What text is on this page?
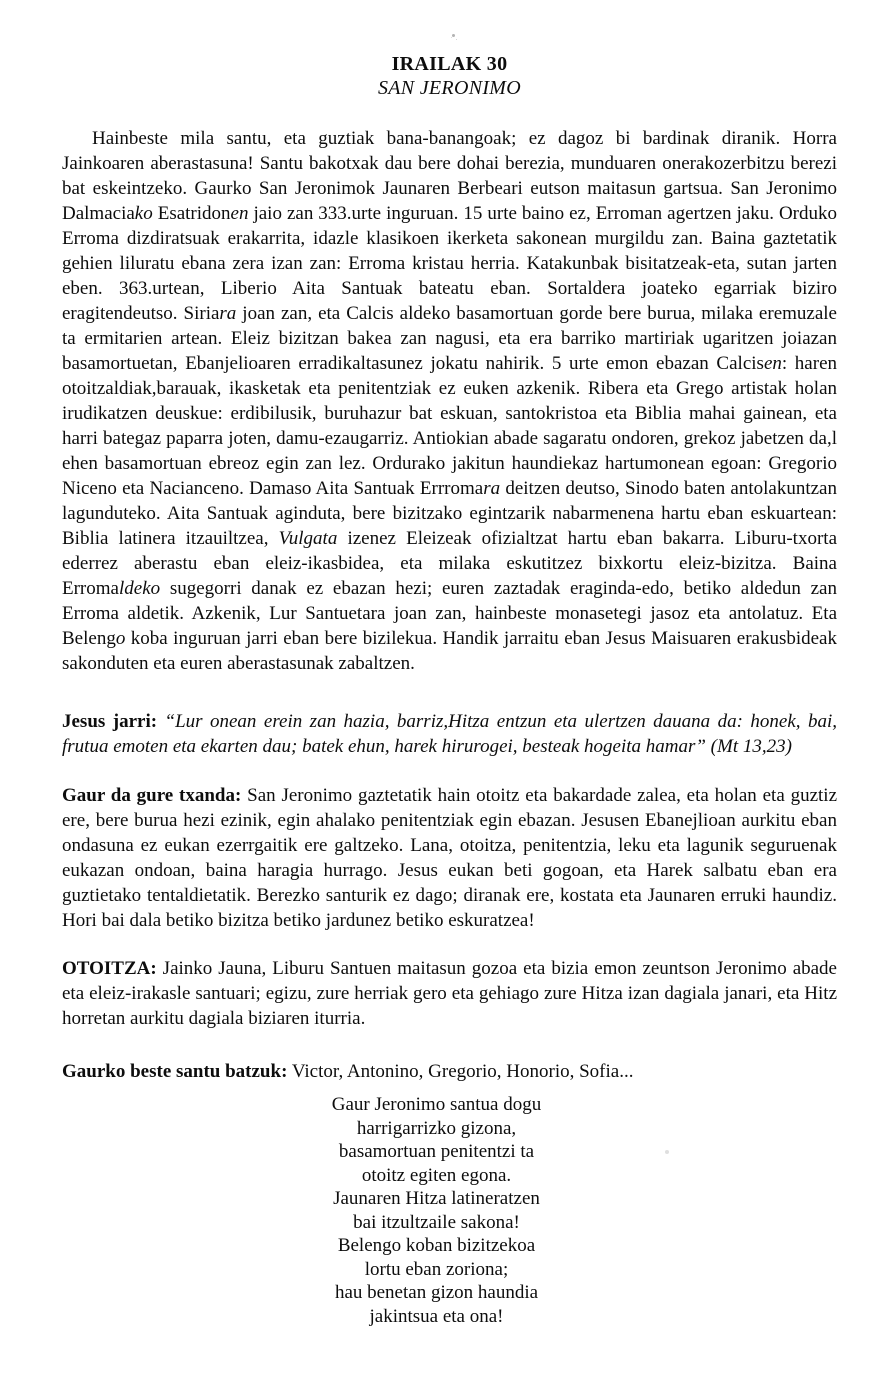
IRAILAK 30
SAN JERONIMO

Hainbeste mila santu, eta guztiak bana-banangoak; ez dagoz bi bardinak diranik. Horra Jainkoaren aberastasuna! Santu bakotxak dau bere dohai berezia, munduaren onerakozerbitzu berezi bat eskeintzeko. Gaurko San Jeronimok Jaunaren Berbeari eutson maitasun gartsua. San Jeronimo Dalmaciako Esatridonen jaio zan 333.urte inguruan. 15 urte baino ez, Erroman agertzen jaku. Orduko Erroma dizdiratsuak erakarrita, idazle klasikoen ikerketa sakonean murgildu zan. Baina gaztetatik gehien liluratu ebana zera izan zan: Erroma kristau herria. Katakunbak bisitatzeak-eta, sutan jarten eben. 363.urtean, Liberio Aita Santuak bateatu eban. Sortaldera joateko egarriak biziro eragitendeutso. Siriara joan zan, eta Calcis aldeko basamortuan gorde bere burua, milaka eremuzale ta ermitarien artean. Eleiz bizitzan bakea zan nagusi, eta era barriko martiriak ugaritzen joiazan basamortuetan, Ebanjelioaren erradikaltasunez jokatu nahirik. 5 urte emon ebazan Calcisen: haren otoitzaldiak,barauak, ikasketak eta penitentziak ez euken azkenik. Ribera eta Grego artistak holan irudikatzen deuskue: erdibilusik, buruhazur bat eskuan, santokristoa eta Biblia mahai gainean, eta harri bategaz paparra joten, damu-ezaugarriz. Antiokian abade sagaratu ondoren, grekoz jabetzen da,l ehen basamortuan ebreoz egin zan lez. Ordurako jakitun haundiekaz hartumonean egoan: Gregorio Niceno eta Nacianceno. Damaso Aita Santuak Errromara deitzen deutso, Sinodo baten antolakuntzan lagunduteko. Aita Santuak aginduta, bere bizitzako egintzarik nabarmenena hartu eban eskuartean: Biblia latinera itzauiltzea, Vulgata izenez Eleizeak ofizialtzat hartu eban bakarra. Liburu-txorta ederrez aberastu eban eleiz-ikasbidea, eta milaka eskutitzez bixkortu eleiz-bizitza. Baina Erromaldeko sugegorri danak ez ebazan hezi; euren zaztadak eraginda-edo, betiko aldedun zan Erroma aldetik. Azkenik, Lur Santuetara joan zan, hainbeste monasetegi jasoz eta antolatuz. Eta Belengo koba inguruan jarri eban bere bizilekua. Handik jarraitu eban Jesus Maisuaren erakusbideak sakonduten eta euren aberastasunak zabaltzen.

Jesus jarri: “Lur onean erein zan hazia, barriz,Hitza entzun eta ulertzen dauana da: honek, bai, frutua emoten eta ekarten dau; batek ehun, harek hirurogei, besteak hogeita hamar” (Mt 13,23)

Gaur da gure txanda: San Jeronimo gaztetatik hain otoitz eta bakardade zalea, eta holan eta guztiz ere, bere burua hezi ezinik, egin ahalako penitentziak egin ebazan. Jesusen Ebanejlioan aurkitu eban ondasuna ez eukan ezerrgaitik ere galtzeko. Lana, otoitza, penitentzia, leku eta lagunik seguruenak eukazan ondoan, baina haragia hurrago. Jesus eukan beti gogoan, eta Harek salbatu eban era guztietako tentaldietatik. Berezko santurik ez dago; diranak ere, kostata eta Jaunaren erruki haundiz. Hori bai dala betiko bizitza betiko jardunez betiko eskuratzea!

OTOITZA: Jainko Jauna, Liburu Santuen maitasun gozoa eta bizia emon zeuntson Jeronimo abade eta eleiz-irakasle santuari; egizu, zure herriak gero eta gehiago zure Hitza izan dagiala janari, eta Hitz horretan aurkitu dagiala biziaren iturria.

Gaurko beste santu batzuk: Victor, Antonino, Gregorio, Honorio, Sofia...

Gaur Jeronimo santua dogu
harrigarrizko gizona,
basamortuan penitentzi ta
otoitz egiten egona.
Jaunaren Hitza latineratzen
bai itzultzaile sakona!
Belengo koban bizitzekoa
lortu eban zoriona;
hau benetan gizon haundia
jakintsua eta ona!
